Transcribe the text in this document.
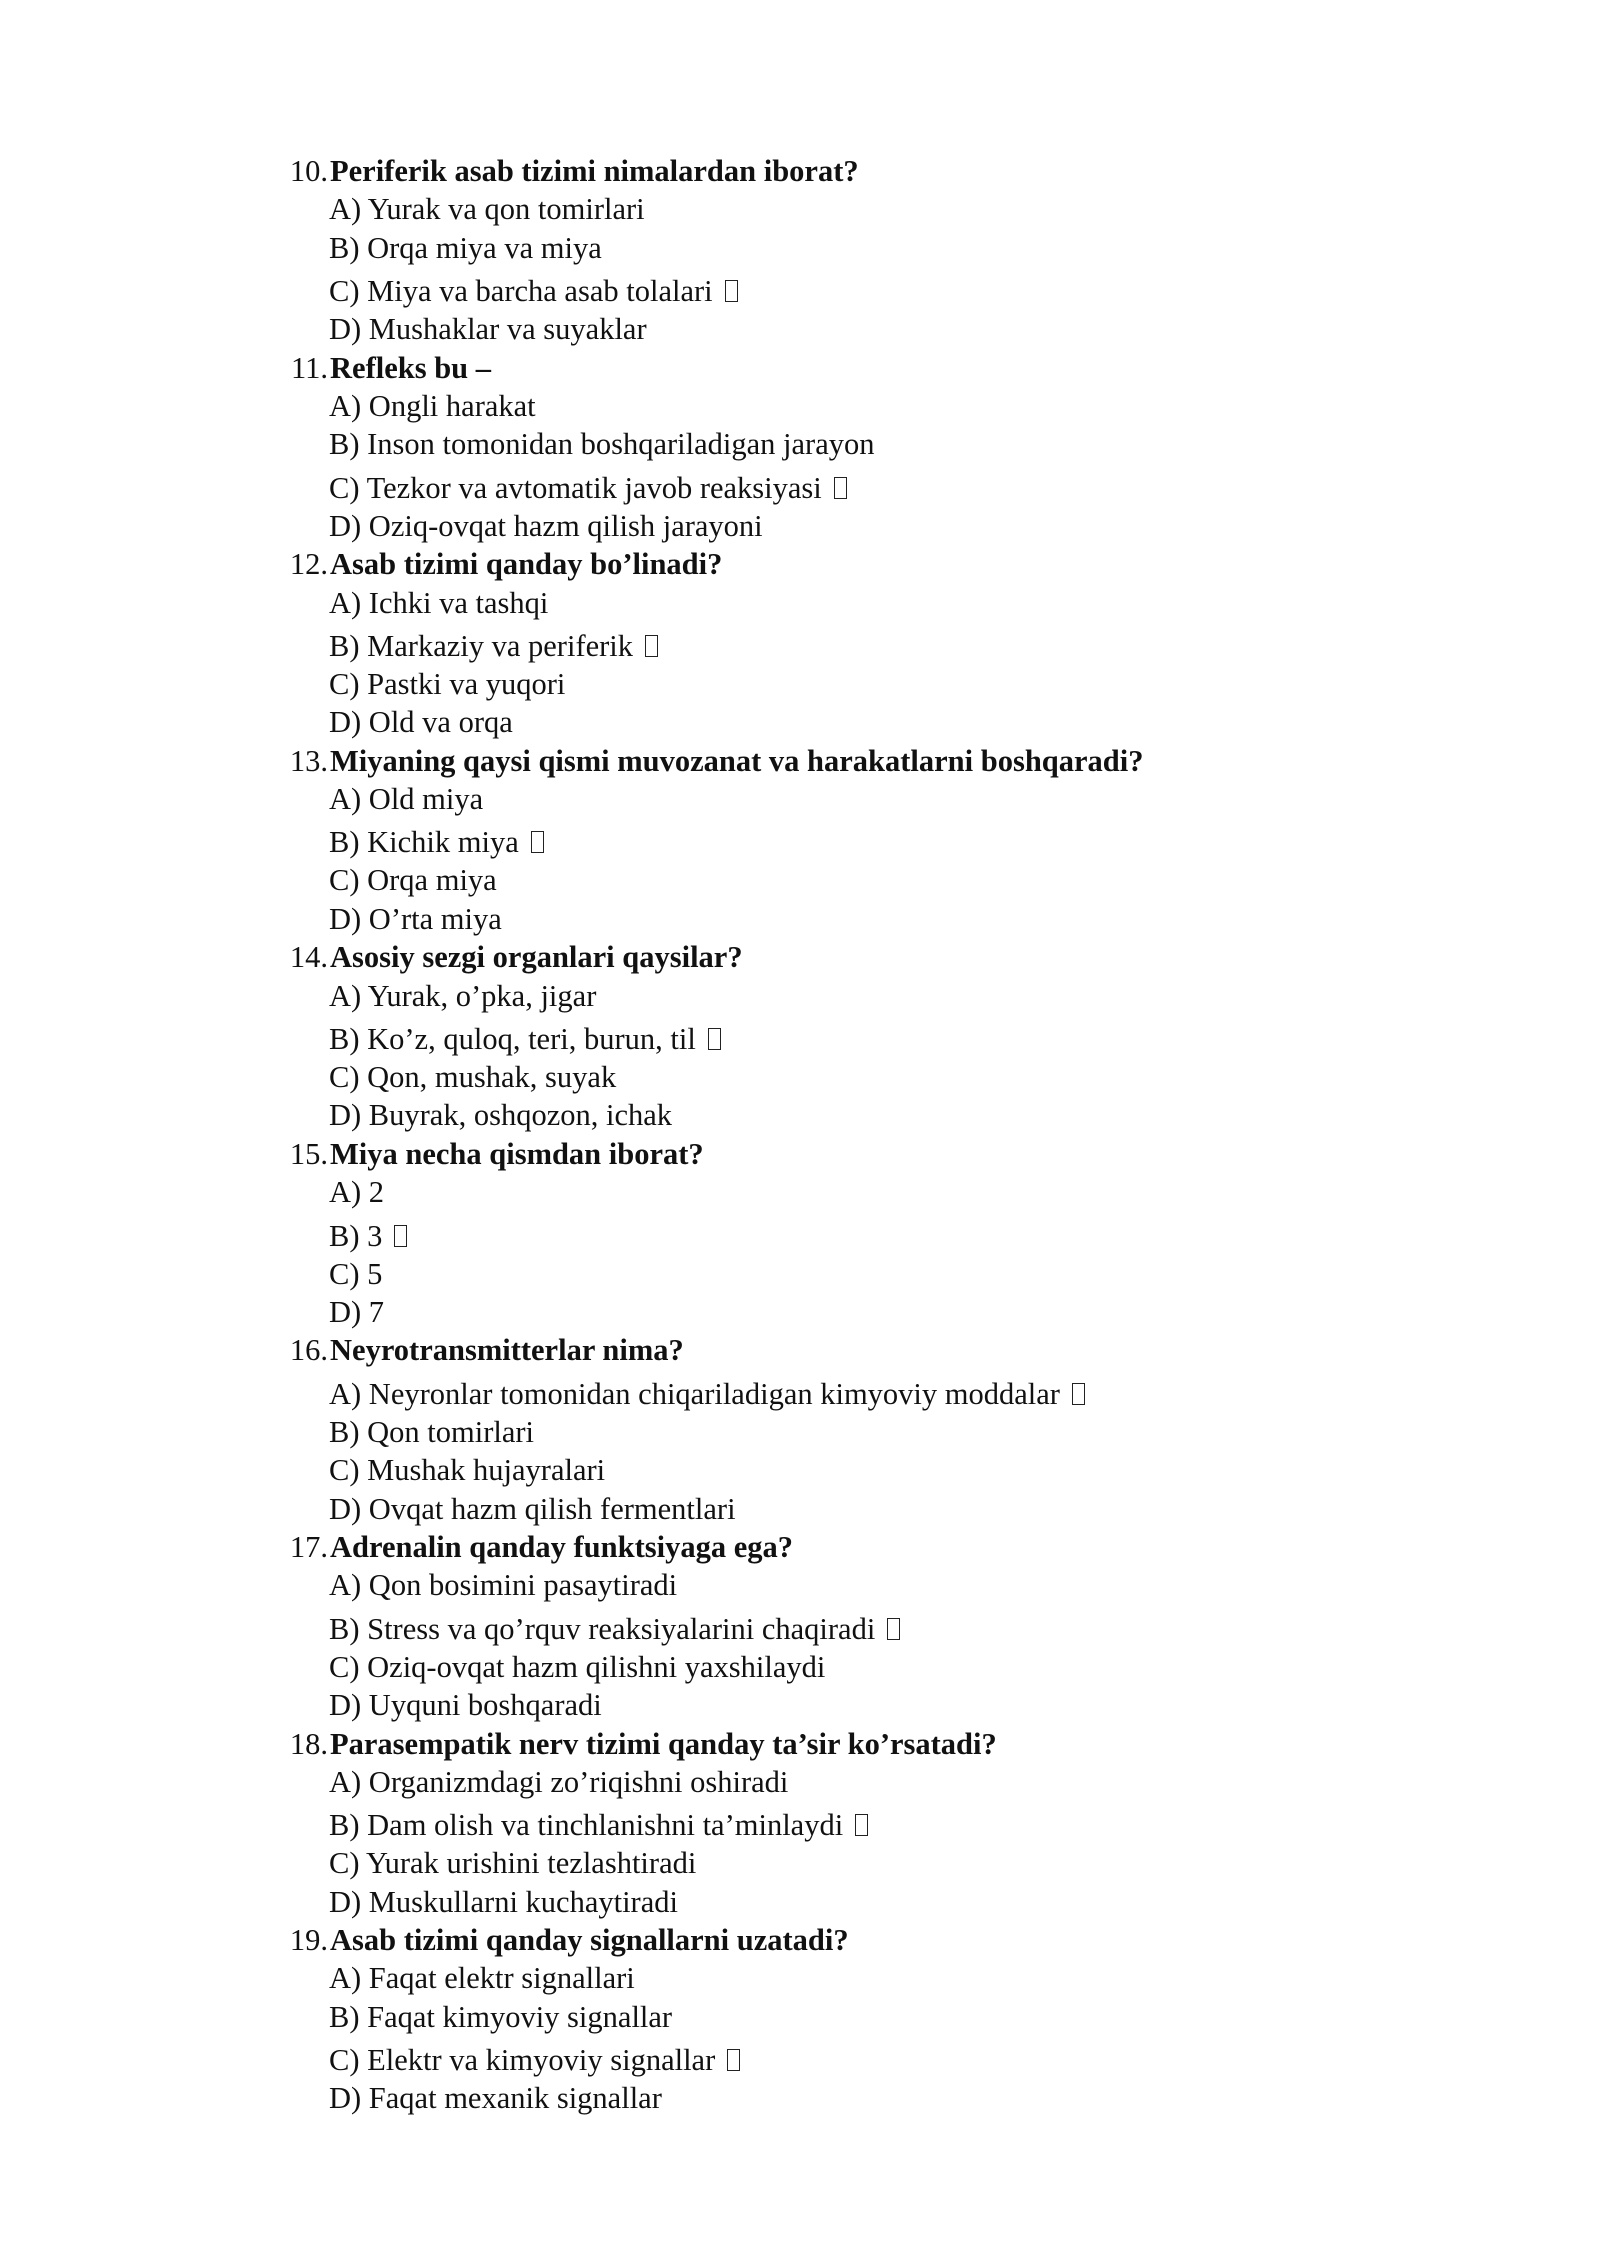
10. Periferik asab tizimi nimalardan iborat?
A) Yurak va qon tomirlari
B) Orqa miya va miya
C) Miya va barcha asab tolalari
D) Mushaklar va suyaklar
11. Refleks bu –
A) Ongli harakat
B) Inson tomonidan boshqariladigan jarayon
C) Tezkor va avtomatik javob reaksiyasi
D) Oziq-ovqat hazm qilish jarayoni
12. Asab tizimi qanday bo’linadi?
A) Ichki va tashqi
B) Markaziy va periferik
C) Pastki va yuqori
D) Old va orqa
13. Miyaning qaysi qismi muvozanat va harakatlarni boshqaradi?
A) Old miya
B) Kichik miya
C) Orqa miya
D) O’rta miya
14. Asosiy sezgi organlari qaysilar?
A) Yurak, o’pka, jigar
B) Ko’z, quloq, teri, burun, til
C) Qon, mushak, suyak
D) Buyrak, oshqozon, ichak
15. Miya necha qismdan iborat?
A) 2
B) 3
C) 5
D) 7
16. Neyrotransmitterlar nima?
A) Neyronlar tomonidan chiqariladigan kimyoviy moddalar
B) Qon tomirlari
C) Mushak hujayralari
D) Ovqat hazm qilish fermentlari
17. Adrenalin qanday funktsiyaga ega?
A) Qon bosimini pasaytiradi
B) Stress va qo’rquv reaksiyalarini chaqiradi
C) Oziq-ovqat hazm qilishni yaxshilaydi
D) Uyquni boshqaradi
18. Parasempatik nerv tizimi qanday ta’sir ko’rsatadi?
A) Organizmdagi zo’riqishni oshiradi
B) Dam olish va tinchlanishni ta’minlaydi
C) Yurak urishini tezlashtiradi
D) Muskullarni kuchaytiradi
19. Asab tizimi qanday signallarni uzatadi?
A) Faqat elektr signallari
B) Faqat kimyoviy signallar
C) Elektr va kimyoviy signallar
D) Faqat mexanik signallar
